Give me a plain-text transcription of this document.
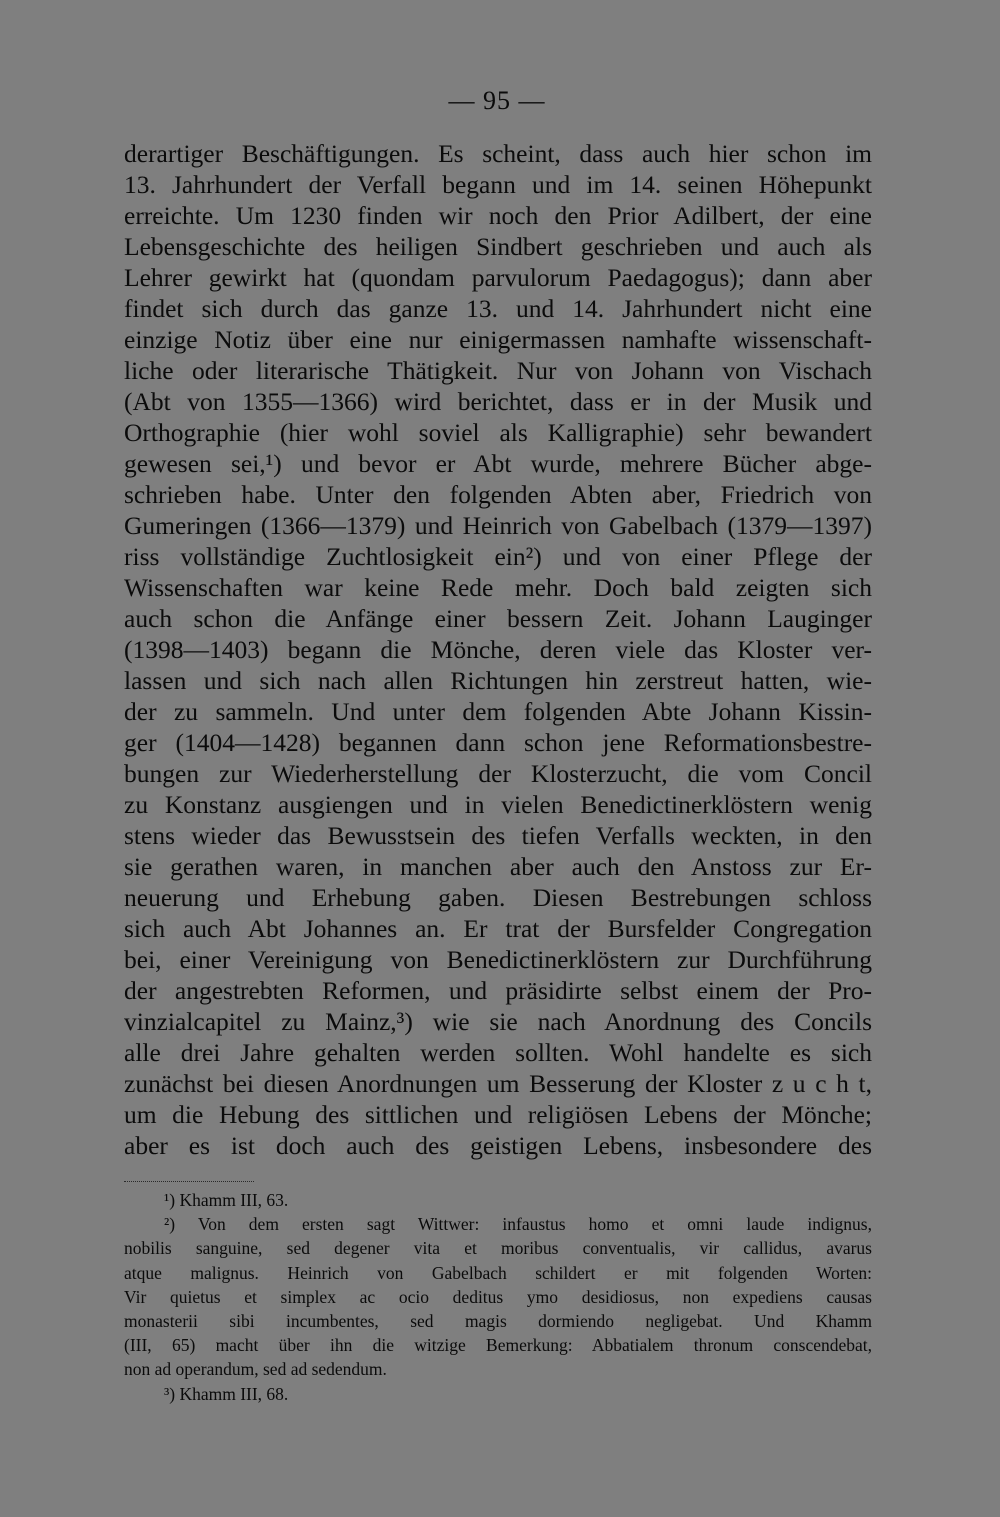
— 95 —
derartiger Beschäftigungen. Es scheint, dass auch hier schon im
13. Jahrhundert der Verfall begann und im 14. seinen Höhepunkt
erreichte. Um 1230 finden wir noch den Prior Adilbert, der eine
Lebensgeschichte des heiligen Sindbert geschrieben und auch als
Lehrer gewirkt hat (quondam parvulorum Paedagogus); dann aber
findet sich durch das ganze 13. und 14. Jahrhundert nicht eine
einzige Notiz über eine nur einigermassen namhafte wissenschaft-
liche oder literarische Thätigkeit. Nur von Johann von Vischach
(Abt von 1355—1366) wird berichtet, dass er in der Musik und
Orthographie (hier wohl soviel als Kalligraphie) sehr bewandert
gewesen sei,¹) und bevor er Abt wurde, mehrere Bücher abge-
schrieben habe. Unter den folgenden Abten aber, Friedrich von
Gumeringen (1366—1379) und Heinrich von Gabelbach (1379—1397)
riss vollständige Zuchtlosigkeit ein²) und von einer Pflege der
Wissenschaften war keine Rede mehr. Doch bald zeigten sich
auch schon die Anfänge einer bessern Zeit. Johann Lauginger
(1398—1403) begann die Mönche, deren viele das Kloster ver-
lassen und sich nach allen Richtungen hin zerstreut hatten, wie-
der zu sammeln. Und unter dem folgenden Abte Johann Kissin-
ger (1404—1428) begannen dann schon jene Reformationsbestre-
bungen zur Wiederherstellung der Klosterzucht, die vom Concil
zu Konstanz ausgiengen und in vielen Benedictinerklöstern wenig
stens wieder das Bewusstsein des tiefen Verfalls weckten, in den
sie gerathen waren, in manchen aber auch den Anstoss zur Er-
neuerung und Erhebung gaben. Diesen Bestrebungen schloss
sich auch Abt Johannes an. Er trat der Bursfelder Congregation
bei, einer Vereinigung von Benedictinerklöstern zur Durchführung
der angestrebten Reformen, und präsidirte selbst einem der Pro-
vinzialcapitel zu Mainz,³) wie sie nach Anordnung des Concils
alle drei Jahre gehalten werden sollten. Wohl handelte es sich
zunächst bei diesen Anordnungen um Besserung der Kloster z u c h t,
um die Hebung des sittlichen und religiösen Lebens der Mönche;
aber es ist doch auch des geistigen Lebens, insbesondere des
¹) Khamm III, 63.
²) Von dem ersten sagt Wittwer: infaustus homo et omni laude indignus,
nobilis sanguine, sed degener vita et moribus conventualis, vir callidus, avarus
atque malignus. Heinrich von Gabelbach schildert er mit folgenden Worten:
Vir quietus et simplex ac ocio deditus ymo desidiosus, non expediens causas
monasterii sibi incumbentes, sed magis dormiendo negligebat. Und Khamm
(III, 65) macht über ihn die witzige Bemerkung: Abbatialem thronum conscendebat,
non ad operandum, sed ad sedendum.
³) Khamm III, 68.
